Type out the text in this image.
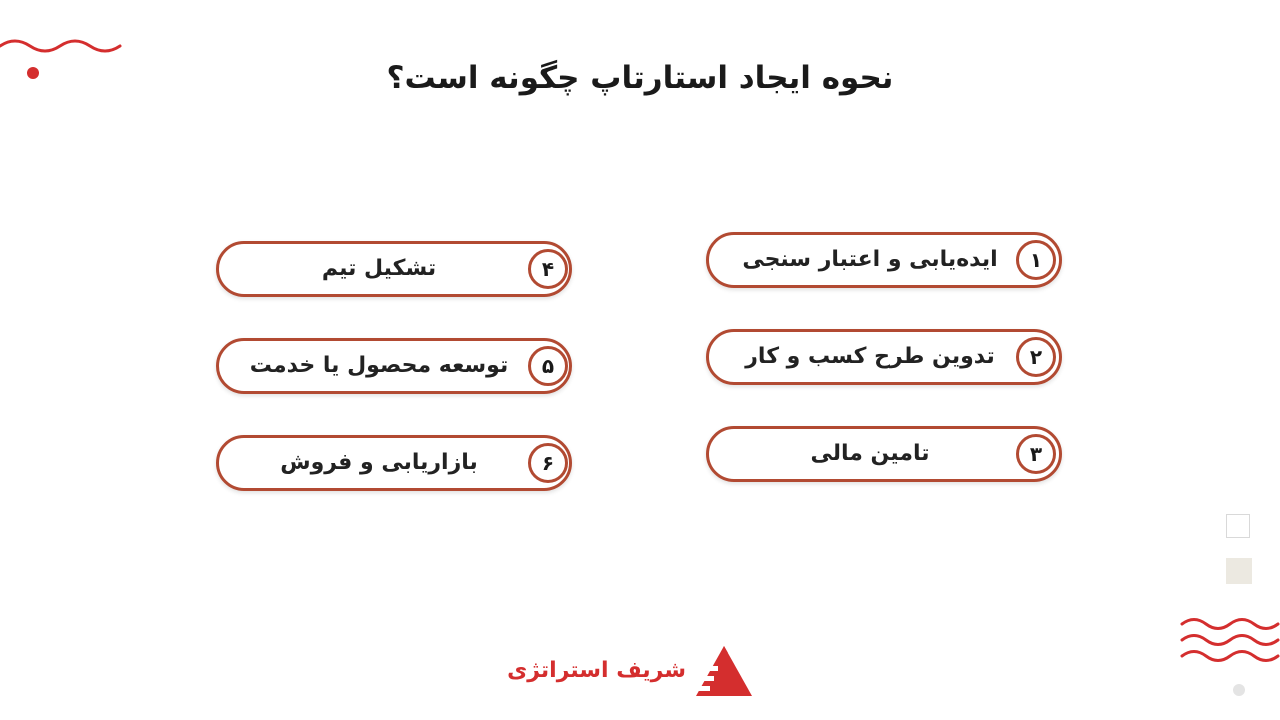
نحوه ایجاد استارتاپ چگونه است؟
۱
ایده‌یابی و اعتبار سنجی
۲
تدوین طرح کسب و کار
۳
تامین مالی
۴
تشکیل تیم
۵
توسعه محصول یا خدمت
۶
بازاریابی و فروش
شریف استراتژی
